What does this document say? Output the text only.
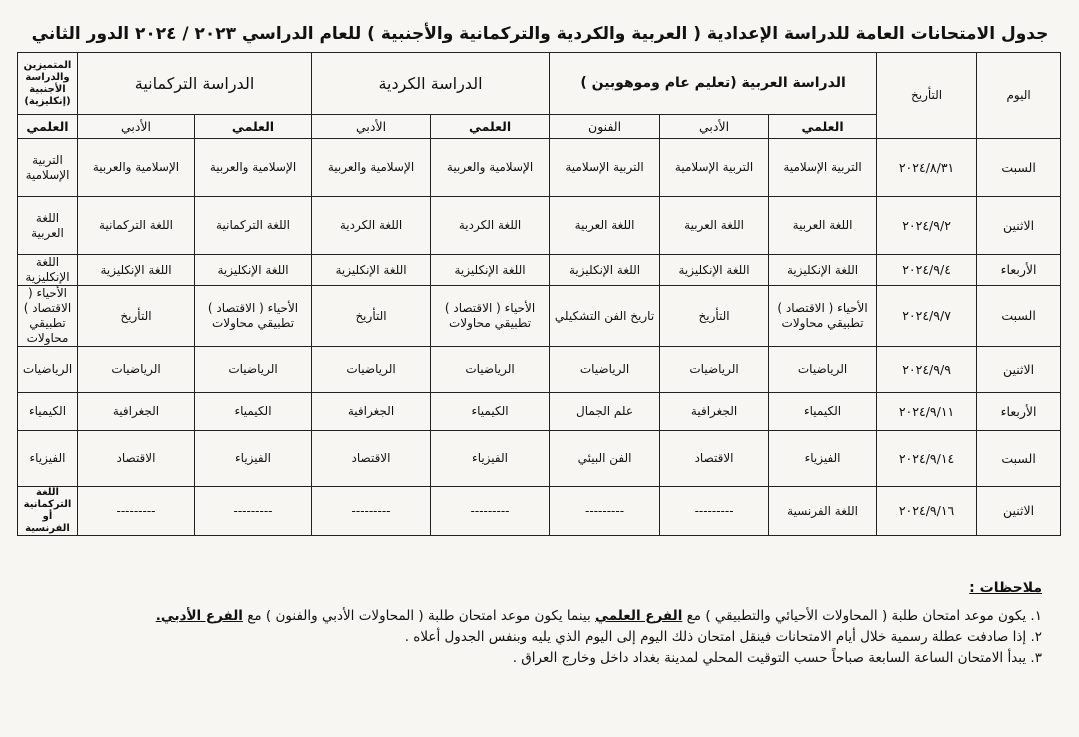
جدول الامتحانات العامة للدراسة الإعدادية ( العربية والكردية والتركمانية والأجنبية ) للعام الدراسي ٢٠٢٣ / ٢٠٢٤ الدور الثاني
اليوم	التأريخ	الدراسة العربية (تعليم عام وموهوبين )			الدراسة الكردية		الدراسة التركمانية		المتميزين والدراسة الأجنبية (إنكليزية)
		العلمي	الأدبي	الفنون	العلمي	الأدبي	العلمي	الأدبي	العلمي
السبت	٢٠٢٤/٨/٣١	التربية الإسلامية	التربية الإسلامية	التربية الإسلامية	الإسلامية والعربية	الإسلامية والعربية	الإسلامية والعربية	الإسلامية والعربية	التربية الإسلامية
الاثنين	٢٠٢٤/٩/٢	اللغة العربية	اللغة العربية	اللغة العربية	اللغة الكردية	اللغة الكردية	اللغة التركمانية	اللغة التركمانية	اللغة العربية
الأربعاء	٢٠٢٤/٩/٤	اللغة الإنكليزية	اللغة الإنكليزية	اللغة الإنكليزية	اللغة الإنكليزية	اللغة الإنكليزية	اللغة الإنكليزية	اللغة الإنكليزية	اللغة الإنكليزية
السبت	٢٠٢٤/٩/٧	الأحياء ( الاقتصاد ) تطبيقي محاولات	التأريخ	تاريخ الفن التشكيلي	الأحياء ( الاقتصاد ) تطبيقي محاولات	التأريخ	الأحياء ( الاقتصاد ) تطبيقي محاولات	التأريخ	الأحياء ( الاقتصاد ) تطبيقي محاولات
الاثنين	٢٠٢٤/٩/٩	الرياضيات	الرياضيات	الرياضيات	الرياضيات	الرياضيات	الرياضيات	الرياضيات	الرياضيات
الأربعاء	٢٠٢٤/٩/١١	الكيمياء	الجغرافية	علم الجمال	الكيمياء	الجغرافية	الكيمياء	الجغرافية	الكيمياء
السبت	٢٠٢٤/٩/١٤	الفيزياء	الاقتصاد	الفن البيئي	الفيزياء	الاقتصاد	الفيزياء	الاقتصاد	الفيزياء
الاثنين	٢٠٢٤/٩/١٦	اللغة الفرنسية	---------	---------	---------	---------	---------	---------	اللغة التركمانية أو الفرنسية
ملاحظات :
١. يكون موعد امتحان طلبة ( المحاولات الأحيائي والتطبيقي ) مع الفرع العلمي بينما يكون موعد امتحان طلبة ( المحاولات الأدبي والفنون ) مع الفرع الأدبي.
٢. إذا صادفت عطلة رسمية خلال أيام الامتحانات فينقل امتحان ذلك اليوم إلى اليوم الذي يليه وبنفس الجدول أعلاه .
٣. يبدأ الامتحان الساعة السابعة صباحاً حسب التوقيت المحلي لمدينة بغداد داخل وخارج العراق .
